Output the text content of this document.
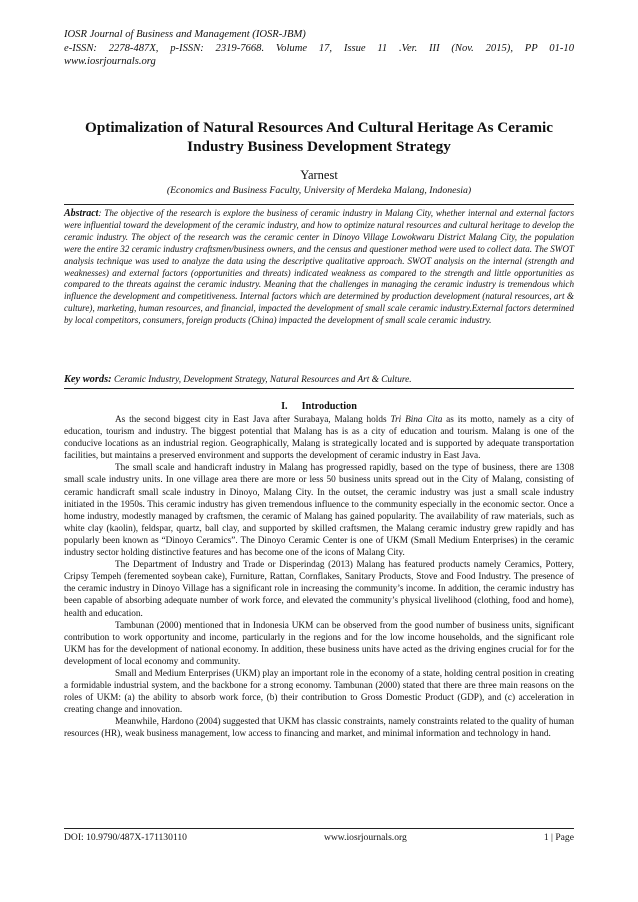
IOSR Journal of Business and Management (IOSR-JBM)
e-ISSN: 2278-487X, p-ISSN: 2319-7668. Volume 17, Issue 11 .Ver. III (Nov. 2015), PP 01-10
www.iosrjournals.org
Optimalization of Natural Resources And Cultural Heritage As Ceramic Industry Business Development Strategy
Yarnest
(Economics and Business Faculty, University of Merdeka Malang, Indonesia)
Abstract: The objective of the research is explore the business of ceramic industry in Malang City, whether internal and external factors were influential toward the development of the ceramic industry, and how to optimize natural resources and cultural heritage to develop the ceramic industry. The object of the research was the ceramic center in Dinoyo Village Lowokwaru District Malang City, the population were the entire 32 ceramic industry craftsmen/business owners, and the census and questioner method were used to collect data. The SWOT analysis technique was used to analyze the data using the descriptive qualitative approach. SWOT analysis on the internal (strength and weaknesses) and external factors (opportunities and threats) indicated weakness as compared to the strength and little opportunities as compared to the threats against the ceramic industry. Meaning that the challenges in managing the ceramic industry is tremendous which influence the development and competitiveness. Internal factors which are determined by production development (natural resources, art & culture), marketing, human resources, and financial, impacted the development of small scale ceramic industry.External factors determined by local competitors, consumers, foreign products (China) impacted the development of small scale ceramic industry.
Key words: Ceramic Industry, Development Strategy, Natural Resources and Art & Culture.
I. Introduction

As the second biggest city in East Java after Surabaya, Malang holds Tri Bina Cita as its motto, namely as a city of education, tourism and industry. The biggest potential that Malang has is as a city of education and tourism. Malang is one of the conducive locations as an industrial region. Geographically, Malang is strategically located and is supported by adequate transportation facilities, but maintains a preserved environment and supports the development of ceramic industry in East Java.

The small scale and handicraft industry in Malang has progressed rapidly, based on the type of business, there are 1308 small scale industry units. In one village area there are more or less 50 business units spread out in the City of Malang, consisting of ceramic handicraft small scale industry in Dinoyo, Malang City. In the outset, the ceramic industry was just a small scale industry initiated in the 1950s. This ceramic industry has given tremendous influence to the community especially in the economic sector. Once a home industry, modestly managed by craftsmen, the ceramic of Malang has gained popularity. The availability of raw materials, such as white clay (kaolin), feldspar, quartz, ball clay, and supported by skilled craftsmen, the Malang ceramic industry grew rapidly and has popularly been known as “Dinoyo Ceramics”. The Dinoyo Ceramic Center is one of UKM (Small Medium Enterprises) in the ceramic industry sector holding distinctive features and has become one of the icons of Malang City.

The Department of Industry and Trade or Disperindag (2013) Malang has featured products namely Ceramics, Pottery, Cripsy Tempeh (feremented soybean cake), Furniture, Rattan, Cornflakes, Sanitary Products, Stove and Food Industry. The presence of the ceramic industry in Dinoyo Village has a significant role in increasing the community’s income. In addition, the ceramic industry has been capable of absorbing adequate number of work force, and elevated the community’s physical livelihood (clothing, food and home), health and education.

Tambunan (2000) mentioned that in Indonesia UKM can be observed from the good number of business units, significant contribution to work opportunity and income, particularly in the regions and for the low income households, and the significant role UKM has for the development of national economy. In addition, these business units have acted as the driving engines crucial for for the development of local economy and community.

Small and Medium Enterprises (UKM) play an important role in the economy of a state, holding central position in creating a formidable industrial system, and the backbone for a strong economy. Tambunan (2000) stated that there are three main reasons on the roles of UKM: (a) the ability to absorb work force, (b) their contribution to Gross Domestic Product (GDP), and (c) acceleration in creating change and innovation.

Meanwhile, Hardono (2004) suggested that UKM has classic constraints, namely constraints related to the quality of human resources (HR), weak business management, low access to financing and market, and minimal information and technology in hand.

DOI: 10.9790/487X-171130110	www.iosrjournals.org	1 | Page
